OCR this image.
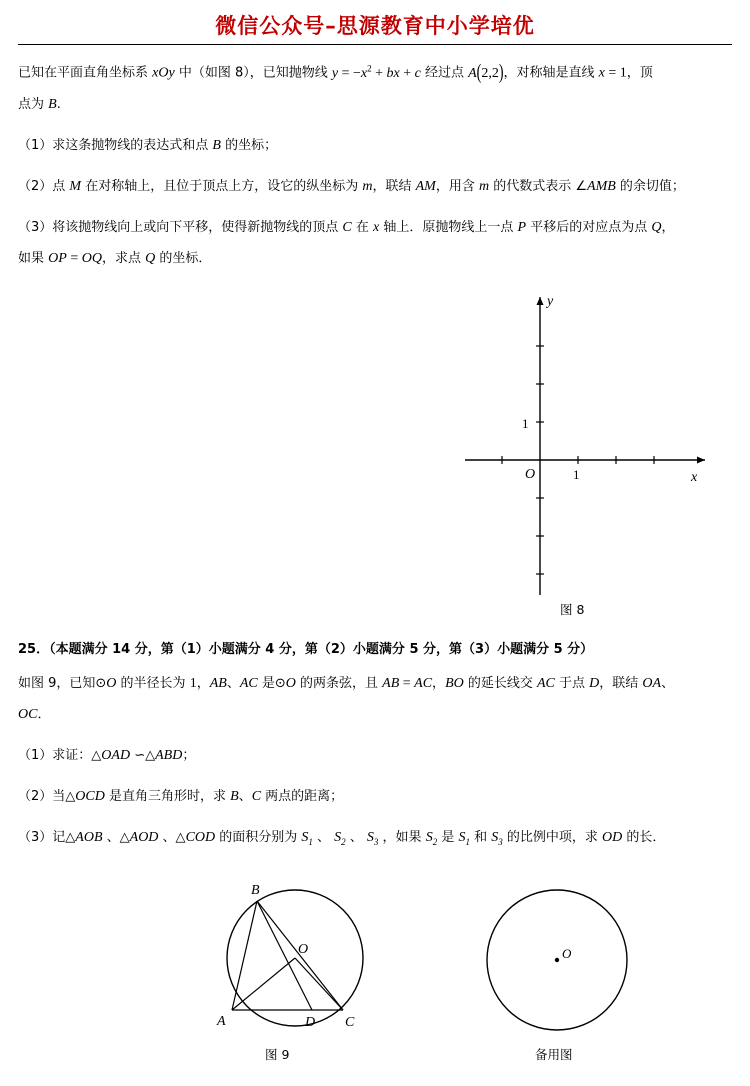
微信公众号–思源教育中小学培优
已知在平面直角坐标系 xOy 中（如图 8），已知抛物线 $y = -x^2$ + bx + c 经过点 A(2,2)，对称轴是直线 x = 1，顶
点为 B.
（1）求这条抛物线的表达式和点 B 的坐标；
（2）点 M 在对称轴上，且位于顶点上方，设它的纵坐标为 m，联结 AM，用含 m 的代数式表示 ∠AMB 的余切值；
（3）将该抛物线向上或向下平移，使得新抛物线的顶点 C 在 x 轴上．原抛物线上一点 P 平移后的对应点为点 Q，
如果 OP = OQ，求点 Q 的坐标．
O	1
1
x
y
图 8
25．（本题满分 14 分，第（1）小题满分 4 分，第（2）小题满分 5 分，第（3）小题满分 5 分）
如图 9，已知⊙O 的半径长为 1，AB、AC 是⊙O 的两条弦，且 AB = AC，BO 的延长线交 AC 于点 D，联结 OA、
OC．
（1）求证：△OAD ∽△ABD；
（2）当△OCD 是直角三角形时，求 B、C 两点的距离；
（3）记△AOB 、△AOD 、△COD 的面积分别为 $S_1$ 、 $S_2$ 、 $S_3$ ，如果 $S_2$ 是 $S_1$ 和 $S_3$ 的比例中项，求 OD 的长．
B
O
A	D C
图 9
O
备用图
